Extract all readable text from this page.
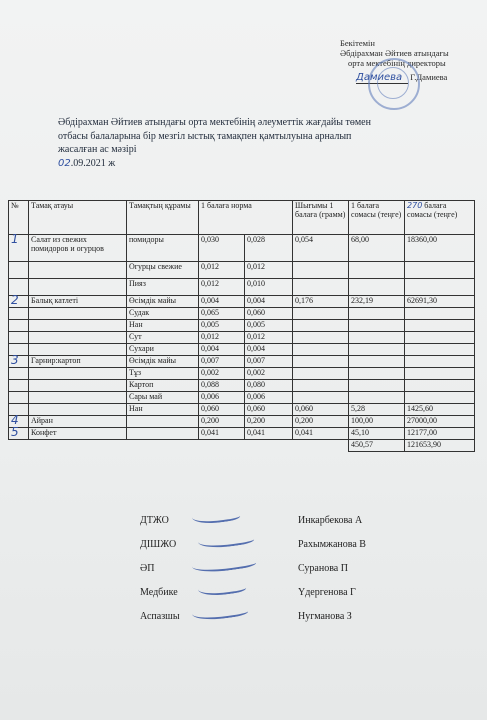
Бекітемін
Әбдірахман Әйтиев атындағы
орта мектебінің директоры
Дамиева Г.Дамиева
Әбдірахман Әйтиев атындағы орта мектебінің әлеуметтік жағдайы төмен
отбасы балаларына бір мезгіл ыстық тамақпен қамтылуына арналып
жасалған ас мәзірі
02.09.2021 ж
№	Тамақ атауы	Тамақтың құрамы	1 балаға норма		Шығымы 1 балаға (грамм)	1 балаға сомасы (теңге)	270 балаға сомасы (теңге)
1	Салат из свежих помидоров и огурцов	помидоры	0,030	0,028	0,054	68,00	18360,00
		Огурцы свежие	0,012	0,012			
		Пияз	0,012	0,010			
2	Балық катлеті	Өсімдік майы	0,004	0,004	0,176	232,19	62691,30
		Судак	0,065	0,060			
		Нан	0,005	0,005			
		Сут	0,012	0,012			
		Сухари	0,004	0,004			
3	Гарнир:картоп	Өсімдік майы	0,007	0,007			
		Тұз	0,002	0,002			
		Картоп	0,088	0,080			
		Сары май	0,006	0,006			
		Нан	0,060	0,060	0,060	5,28	1425,60
4	Айран		0,200	0,200	0,200	100,00	27000,00
5	Конфет		0,041	0,041	0,041	45,10	12177,00
						450,57	121653,90
ДТЖО	Инкарбекова А
ДІШЖО	Рахымжанова В
ӘП	Суранова П
Медбике	Үдергенова Г
Аспазшы	Нугманова З
